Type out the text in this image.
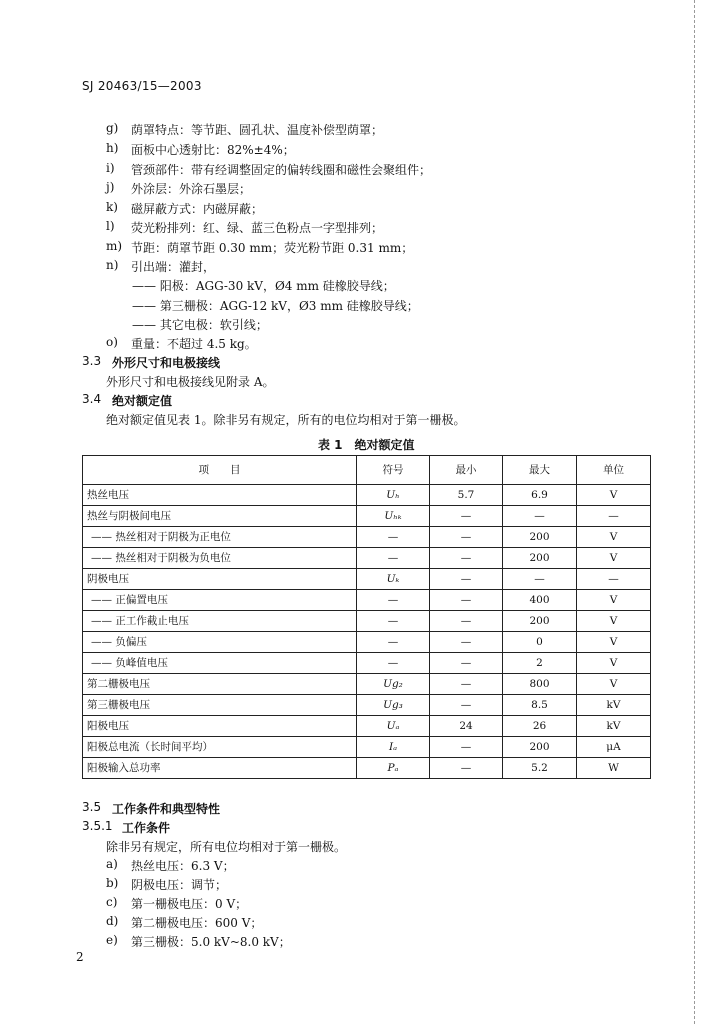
SJ 20463/15—2003
g) 荫罩特点：等节距、圆孔状、温度补偿型荫罩；
h) 面板中心透射比：82%±4%；
i) 管颈部件：带有经调整固定的偏转线圈和磁性会聚组件；
j) 外涂层：外涂石墨层；
k) 磁屏蔽方式：内磁屏蔽；
l) 荧光粉排列：红、绿、蓝三色粉点一字型排列；
m) 节距：荫罩节距 0.30 mm；荧光粉节距 0.31 mm；
n) 引出端：灌封，
—— 阳极：AGG-30 kV，Ø4 mm 硅橡胶导线；
—— 第三栅极：AGG-12 kV，Ø3 mm 硅橡胶导线；
—— 其它电极：软引线；
o) 重量：不超过 4.5 kg。
3.3 外形尺寸和电极接线
外形尺寸和电极接线见附录 A。
3.4 绝对额定值
绝对额定值见表 1。除非另有规定，所有的电位均相对于第一栅极。
表 1　绝对额定值
项　　目	符号	最小	最大	单位
热丝电压	Uₕ	5.7	6.9	V
热丝与阴极间电压	Uₕₖ	—	—	—
—— 热丝相对于阴极为正电位	—	—	200	V
—— 热丝相对于阴极为负电位	—	—	200	V
阴极电压	Uₖ	—	—	—
—— 正偏置电压	—	—	400	V
—— 正工作截止电压	—	—	200	V
—— 负偏压	—	—	0	V
—— 负峰值电压	—	—	2	V
第二栅极电压	U𝑔₂	—	800	V
第三栅极电压	U𝑔₃	—	8.5	kV
阳极电压	Uₐ	24	26	kV
阳极总电流（长时间平均）	Iₐ	—	200	μA
阳极输入总功率	Pₐ	—	5.2	W
3.5 工作条件和典型特性
3.5.1 工作条件
除非另有规定，所有电位均相对于第一栅极。
a) 热丝电压：6.3 V；
b) 阴极电压：调节；
c) 第一栅极电压：0 V；
d) 第二栅极电压：600 V；
e) 第三栅极：5.0 kV~8.0 kV；
2
